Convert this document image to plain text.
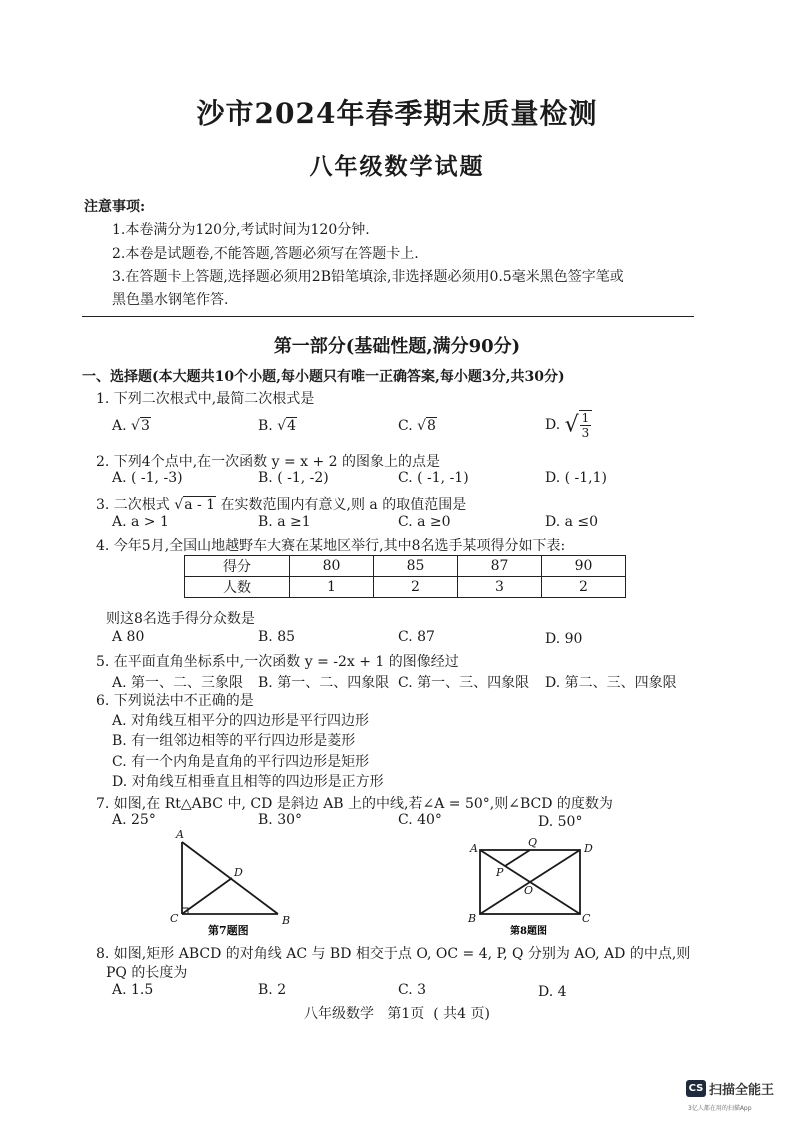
沙市2024年春季期末质量检测
八年级数学试题
注意事项:
1.本卷满分为120分,考试时间为120分钟.
2.本卷是试题卷,不能答题,答题必须写在答题卡上.
3.在答题卡上答题,选择题必须用2B铅笔填涂,非选择题必须用0.5毫米黑色签字笔或
黑色墨水钢笔作答.
第一部分(基础性题,满分90分)
一、选择题(本大题共10个小题,每小题只有唯一正确答案,每小题3分,共30分)
1. 下列二次根式中,最简二次根式是
A. √3	B. √4	C. √8	D. √ $\frac{1}{3}$
2. 下列4个点中,在一次函数 y = x + 2 的图象上的点是
A. ( -1, -3)	B. ( -1, -2)	C. ( -1, -1)	D. ( -1,1)
3. 二次根式 √a - 1 在实数范围内有意义,则 a 的取值范围是
A. a > 1	B. a ≥1	C. a ≥0	D. a ≤0
4. 今年5月,全国山地越野车大赛在某地区举行,其中8名选手某项得分如下表:
得分	80	85	87	90
人数	1	2	3	2
则这8名选手得分众数是
A 80	B. 85	C. 87	D. 90
5. 在平面直角坐标系中,一次函数 y = -2x + 1 的图像经过
A. 第一、二、三象限 B. 第一、二、四象限 C. 第一、三、四象限 D. 第二、三、四象限
6. 下列说法中不正确的是
A. 对角线互相平分的四边形是平行四边形
B. 有一组邻边相等的平行四边形是菱形
C. 有一个内角是直角的平行四边形是矩形
D. 对角线互相垂直且相等的四边形是正方形
7. 如图,在 Rt△ABC 中, CD 是斜边 AB 上的中线,若∠A = 50°,则∠BCD 的度数为
A. 25°	B. 30°	C. 40°	D. 50°
A
D
C	B
第7题图
A	Q	D
P
O
B	C
第8题图
8. 如图,矩形 ABCD 的对角线 AC 与 BD 相交于点 O, OC = 4, P, Q 分别为 AO, AD 的中点,则
PQ 的长度为
A. 1.5	B. 2	C. 3	D. 4
八年级数学   第1页  ( 共4 页)
CS 扫描全能王
3亿人都在用的扫描App
